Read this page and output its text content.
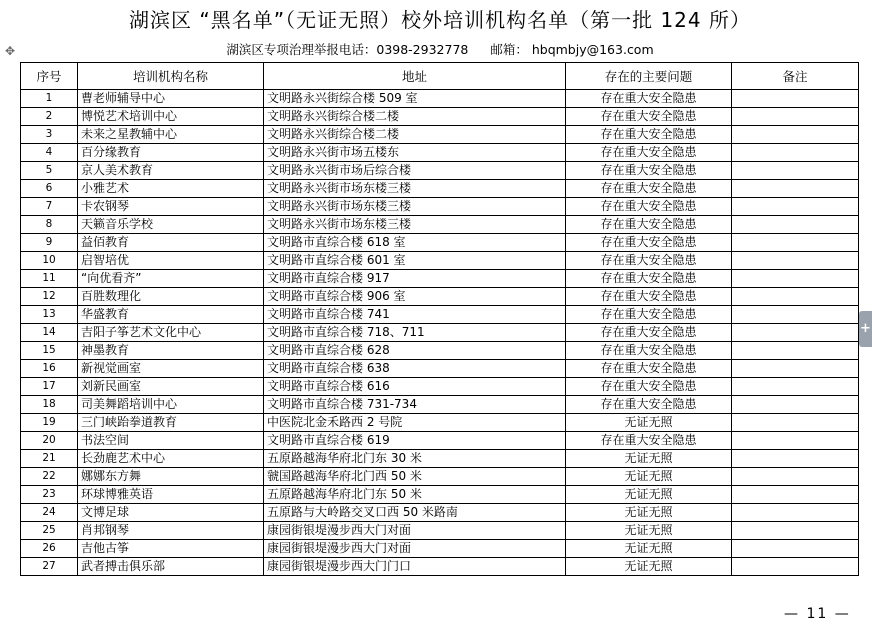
湖滨区 “黑名单”（无证无照）校外培训机构名单（第一批 124 所）
✥	湖滨区专项治理举报电话：0398-2932778 邮箱： hbqmbjy@163.com
序号	培训机构名称	地址	存在的主要问题	备注
1	曹老师辅导中心	文明路永兴街综合楼 509 室	存在重大安全隐患	
2	博悦艺术培训中心	文明路永兴街综合楼二楼	存在重大安全隐患	
3	未来之星教辅中心	文明路永兴街综合楼二楼	存在重大安全隐患	
4	百分缘教育	文明路永兴街市场五楼东	存在重大安全隐患	
5	京人美术教育	文明路永兴街市场后综合楼	存在重大安全隐患	
6	小雅艺术	文明路永兴街市场东楼三楼	存在重大安全隐患	
7	卡农钢琴	文明路永兴街市场东楼三楼	存在重大安全隐患	
8	天籁音乐学校	文明路永兴街市场东楼三楼	存在重大安全隐患	
9	益佰教育	文明路市直综合楼 618 室	存在重大安全隐患	
10	启智培优	文明路市直综合楼 601 室	存在重大安全隐患	
11	“向优看齐”	文明路市直综合楼 917	存在重大安全隐患	
12	百胜数理化	文明路市直综合楼 906 室	存在重大安全隐患	
13	华盛教育	文明路市直综合楼 741	存在重大安全隐患	
14	吉阳子筝艺术文化中心	文明路市直综合楼 718、711	存在重大安全隐患	
15	神墨教育	文明路市直综合楼 628	存在重大安全隐患	
16	新视觉画室	文明路市直综合楼 638	存在重大安全隐患	
17	刘新民画室	文明路市直综合楼 616	存在重大安全隐患	
18	司美舞蹈培训中心	文明路市直综合楼 731-734	存在重大安全隐患	
19	三门峡跆拳道教育	中医院北金禾路西 2 号院	无证无照	
20	书法空间	文明路市直综合楼 619	存在重大安全隐患	
21	长劲鹿艺术中心	五原路越海华府北门东 30 米	无证无照	
22	娜娜东方舞	虢国路越海华府北门西 50 米	无证无照	
23	环球博雅英语	五原路越海华府北门东 50 米	无证无照	
24	文博足球	五原路与大岭路交叉口西 50 米路南	无证无照	
25	肖邦钢琴	康园街银堤漫步西大门对面	无证无照	
26	吉他古筝	康园街银堤漫步西大门对面	无证无照	
27	武者搏击俱乐部	康园街银堤漫步西大门门口	无证无照	
+
— 11 —
